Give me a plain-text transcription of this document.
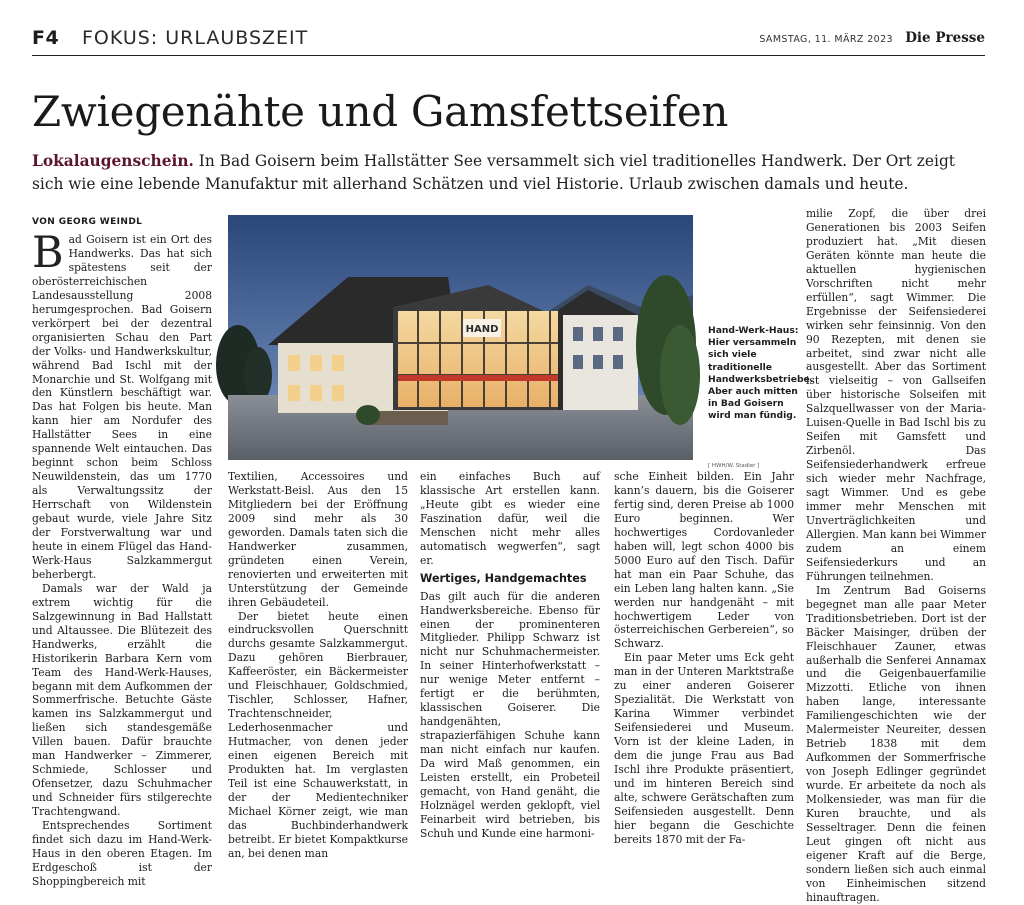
F4 FOKUS: URLAUBSZEIT	SAMSTAG, 11. MÄRZ 2023 Die Presse
Zwiegenähte und Gamsfettseifen
Lokalaugenschein. In Bad Goisern beim Hallstätter See versammelt sich viel traditionelles Handwerk. Der Ort zeigt sich wie eine lebende Manufaktur mit allerhand Schätzen und viel Historie. Urlaub zwischen damals und heute.
VON GEORG WEINDL

Bad Goisern ist ein Ort des Handwerks. Das hat sich spätestens seit der oberösterreichischen Landesausstellung 2008 herumgesprochen. Bad Goisern verkörpert bei der dezentral organisierten Schau den Part der Volks- und Handwerkskultur, während Bad Ischl mit der Monarchie und St. Wolfgang mit den Künstlern beschäftigt war. Das hat Folgen bis heute. Man kann hier am Nordufer des Hallstätter Sees in eine spannende Welt eintauchen. Das beginnt schon beim Schloss Neuwildenstein, das um 1770 als Verwaltungssitz der Herrschaft von Wildenstein gebaut wurde, viele Jahre Sitz der Forstverwaltung war und heute in einem Flügel das Hand-Werk-Haus Salzkammergut beherbergt.

Damals war der Wald ja extrem wichtig für die Salzgewinnung in Bad Hallstatt und Altaussee. Die Blütezeit des Handwerks, erzählt die Historikerin Barbara Kern vom Team des Hand-Werk-Hauses, begann mit dem Aufkommen der Sommerfrische. Betuchte Gäste kamen ins Salzkammergut und ließen sich standesgemäße Villen bauen. Dafür brauchte man Handwerker – Zimmerer, Schmiede, Schlosser und Ofensetzer, dazu Schuhmacher und Schneider fürs stilgerechte Trachtengwand.

Entsprechendes Sortiment findet sich dazu im Hand-Werk-Haus in den oberen Etagen. Im Erdgeschoß ist der Shoppingbereich mit

HAND	Hand-Werk-Haus: Hier versammeln sich viele traditionelle Handwerksbetriebe. Aber auch mitten in Bad Goisern wird man fündig.
[ HWH/W. Stadler ]

Textilien, Accessoires und Werkstatt-Beisl. Aus den 15 Mitgliedern bei der Eröffnung 2009 sind mehr als 30 geworden. Damals taten sich die Handwerker zusammen, gründeten einen Verein, renovierten und erweiterten mit Unterstützung der Gemeinde ihren Gebäudeteil.

Der bietet heute einen eindrucksvollen Querschnitt durchs gesamte Salzkammergut. Dazu gehören Bierbrauer, Kaffeeröster, ein Bäckermeister und Fleischhauer, Goldschmied, Tischler, Schlosser, Hafner, Trachtenschneider, Lederhosenmacher und Hutmacher, von denen jeder einen eigenen Bereich mit Produkten hat. Im verglasten Teil ist eine Schauwerkstatt, in der der Medientechniker Michael Körner zeigt, wie man das Buchbinderhandwerk betreibt. Er bietet Kompaktkurse an, bei denen man

ein einfaches Buch auf klassische Art erstellen kann. „Heute gibt es wieder eine Faszination dafür, weil die Menschen nicht mehr alles automatisch wegwerfen“, sagt er.

Wertiges, Handgemachtes

Das gilt auch für die anderen Handwerksbereiche. Ebenso für einen der prominenteren Mitglieder. Philipp Schwarz ist nicht nur Schuhmachermeister. In seiner Hinterhofwerkstatt – nur wenige Meter entfernt – fertigt er die berühmten, klassischen Goiserer. Die handgenähten, strapazierfähigen Schuhe kann man nicht einfach nur kaufen. Da wird Maß genommen, ein Leisten erstellt, ein Probeteil gemacht, von Hand genäht, die Holznägel werden geklopft, viel Feinarbeit wird betrieben, bis Schuh und Kunde eine harmoni-

sche Einheit bilden. Ein Jahr kann’s dauern, bis die Goiserer fertig sind, deren Preise ab 1000 Euro beginnen. Wer hochwertiges Cordovanleder haben will, legt schon 4000 bis 5000 Euro auf den Tisch. Dafür hat man ein Paar Schuhe, das ein Leben lang halten kann. „Sie werden nur handgenäht – mit hochwertigem Leder von österreichischen Gerbereien“, so Schwarz.

Ein paar Meter ums Eck geht man in der Unteren Marktstraße zu einer anderen Goiserer Spezialität. Die Werkstatt von Karina Wimmer verbindet Seifensiederei und Museum. Vorn ist der kleine Laden, in dem die junge Frau aus Bad Ischl ihre Produkte präsentiert, und im hinteren Bereich sind alte, schwere Gerätschaften zum Seifensieden ausgestellt. Denn hier begann die Geschichte bereits 1870 mit der Fa-

milie Zopf, die über drei Generationen bis 2003 Seifen produziert hat. „Mit diesen Geräten könnte man heute die aktuellen hygienischen Vorschriften nicht mehr erfüllen“, sagt Wimmer. Die Ergebnisse der Seifensiederei wirken sehr feinsinnig. Von den 90 Rezepten, mit denen sie arbeitet, sind zwar nicht alle ausgestellt. Aber das Sortiment ist vielseitig – von Gallseifen über historische Solseifen mit Salzquellwasser von der Maria-Luisen-Quelle in Bad Ischl bis zu Seifen mit Gamsfett und Zirbenöl. Das Seifensiederhandwerk erfreue sich wieder mehr Nachfrage, sagt Wimmer. Und es gebe immer mehr Menschen mit Unverträglichkeiten und Allergien. Man kann bei Wimmer zudem an einem Seifensiederkurs und an Führungen teilnehmen.

Im Zentrum Bad Goiserns begegnet man alle paar Meter Traditionsbetrieben. Dort ist der Bäcker Maisinger, drüben der Fleischhauer Zauner, etwas außerhalb die Senferei Annamax und die Geigenbauerfamilie Mizzotti. Etliche von ihnen haben lange, interessante Familiengeschichten wie der Malermeister Neureiter, dessen Betrieb 1838 mit dem Aufkommen der Sommerfrische von Joseph Edlinger gegründet wurde. Er arbeitete da noch als Molkensieder, was man für die Kuren brauchte, und als Sesseltrager. Denn die feinen Leut gingen oft nicht aus eigener Kraft auf die Berge, sondern ließen sich auch einmal von Einheimischen sitzend hinauftragen.
